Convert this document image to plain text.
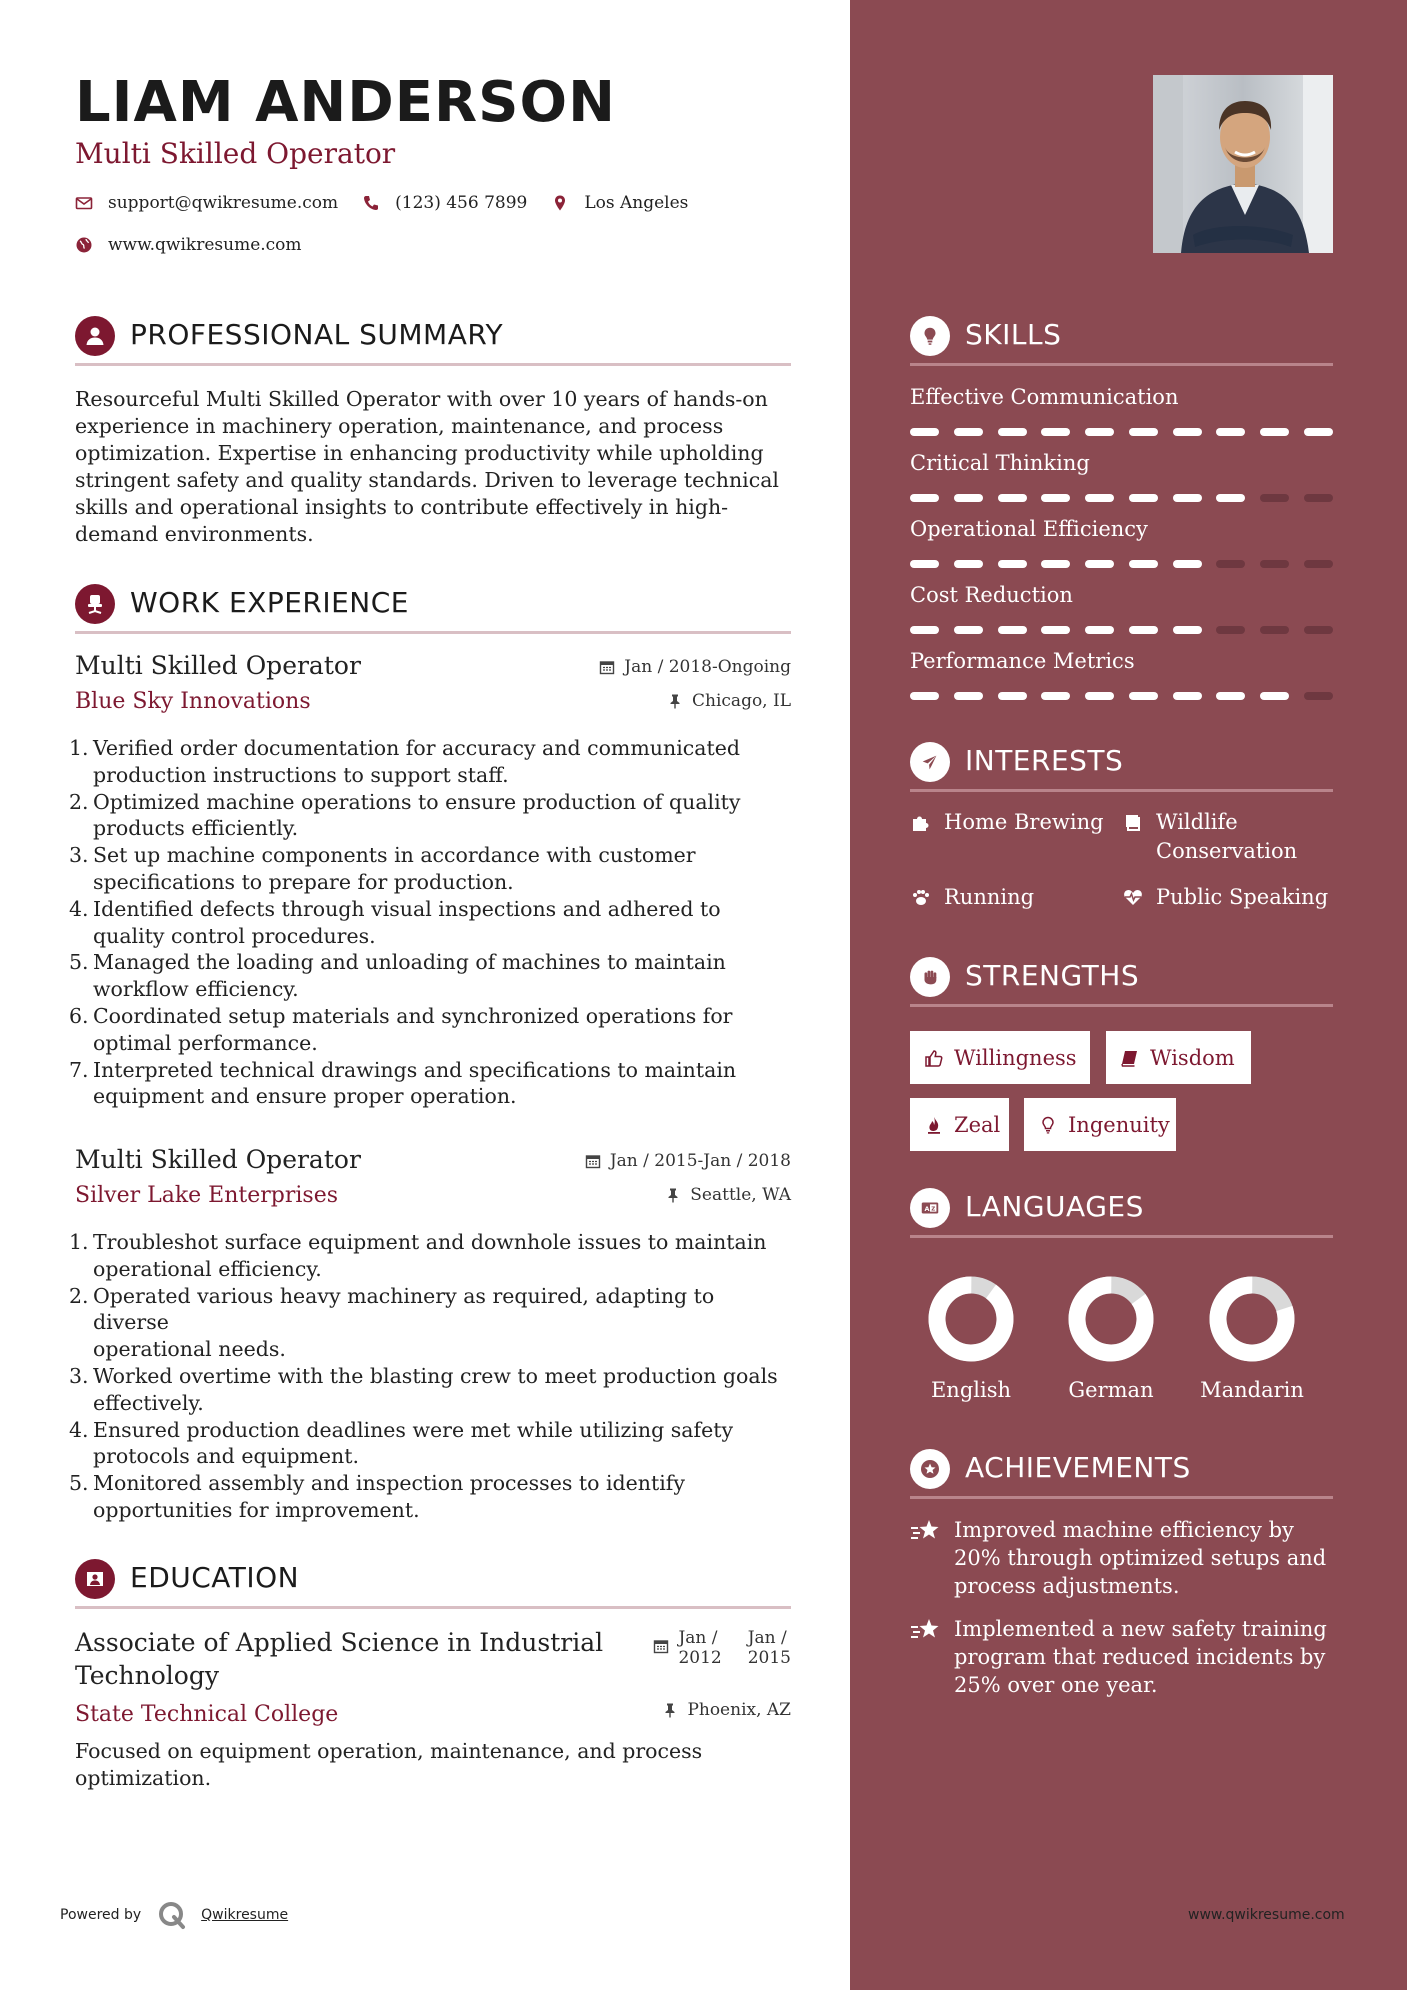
LIAM ANDERSON
Multi Skilled Operator
support@qwikresume.com	(123) 456 7899	Los Angeles
www.qwikresume.com
PROFESSIONAL SUMMARY
Resourceful Multi Skilled Operator with over 10 years of hands-on experience in machinery operation, maintenance, and process optimization. Expertise in enhancing productivity while upholding stringent safety and quality standards. Driven to leverage technical skills and operational insights to contribute effectively in high-demand environments.
WORK EXPERIENCE
Multi Skilled Operator	Jan / 2018-Ongoing
Blue Sky Innovations	Chicago, IL
1. Verified order documentation for accuracy and communicated
production instructions to support staff.
2. Optimized machine operations to ensure production of quality
products efficiently.
3. Set up machine components in accordance with customer
specifications to prepare for production.
4. Identified defects through visual inspections and adhered to
quality control procedures.
5. Managed the loading and unloading of machines to maintain
workflow efficiency.
6. Coordinated setup materials and synchronized operations for
optimal performance.
7. Interpreted technical drawings and specifications to maintain
equipment and ensure proper operation.
Multi Skilled Operator	Jan / 2015-Jan / 2018
Silver Lake Enterprises	Seattle, WA
1. Troubleshot surface equipment and downhole issues to maintain
operational efficiency.
2. Operated various heavy machinery as required, adapting to diverse
operational needs.
3. Worked overtime with the blasting crew to meet production goals
effectively.
4. Ensured production deadlines were met while utilizing safety
protocols and equipment.
5. Monitored assembly and inspection processes to identify
opportunities for improvement.
EDUCATION
Associate of Applied Science in Industrial
Technology
Jan /
2012
Jan /
2015
State Technical College	Phoenix, AZ
Focused on equipment operation, maintenance, and process optimization.
Powered by	Qwikresume
SKILLS
Effective Communication
Critical Thinking
Operational Efficiency
Cost Reduction
Performance Metrics
INTERESTS
Home Brewing Wildlife Conservation
Running	Public Speaking
STRENGTHS
Willingness	Wisdom
Zeal	Ingenuity
A Z LANGUAGES
English	German	Mandarin
ACHIEVEMENTS
Improved machine efficiency by 20% through optimized setups and process adjustments.
Implemented a new safety training program that reduced incidents by 25% over one year.
www.qwikresume.com
